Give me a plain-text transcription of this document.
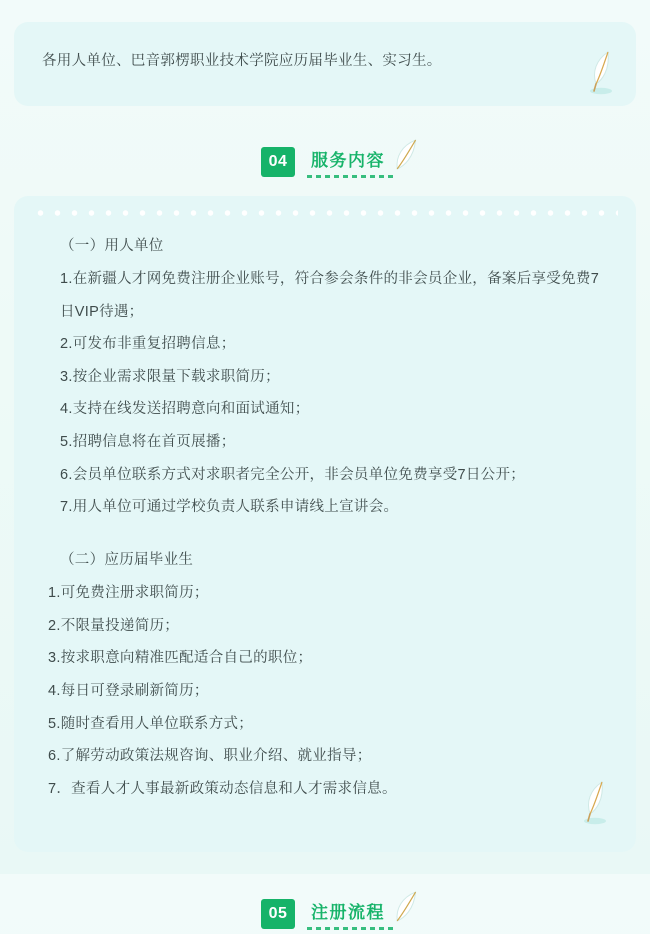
各用人单位、巴音郭楞职业技术学院应历届毕业生、实习生。
04	服务内容
（一）用人单位
1.在新疆人才网免费注册企业账号，符合参会条件的非会员企业，备案后享受免费7日VIP待遇；
2.可发布非重复招聘信息；
3.按企业需求限量下载求职简历；
4.支持在线发送招聘意向和面试通知；
5.招聘信息将在首页展播；
6.会员单位联系方式对求职者完全公开，非会员单位免费享受7日公开；
7.用人单位可通过学校负责人联系申请线上宣讲会。
（二）应历届毕业生
1.可免费注册求职简历；
2.不限量投递简历；
3.按求职意向精准匹配适合自己的职位；
4.每日可登录刷新简历；
5.随时查看用人单位联系方式；
6.了解劳动政策法规咨询、职业介绍、就业指导；
7．查看人才人事最新政策动态信息和人才需求信息。
05	注册流程
